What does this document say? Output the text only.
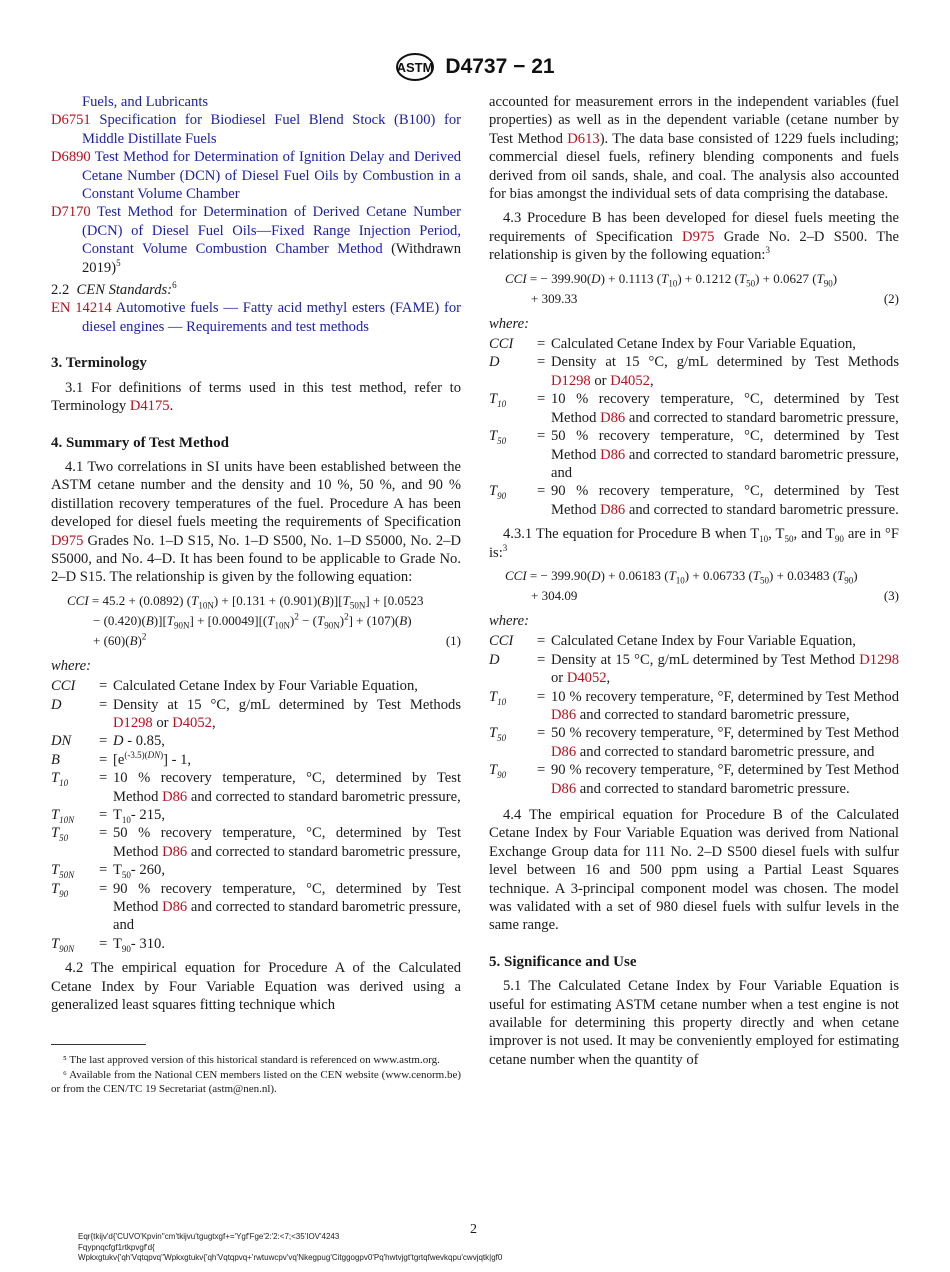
ASTM D4737 − 21

Fuels, and Lubricants

D6751 Specification for Biodiesel Fuel Blend Stock (B100) for Middle Distillate Fuels

D6890 Test Method for Determination of Ignition Delay and Derived Cetane Number (DCN) of Diesel Fuel Oils by Combustion in a Constant Volume Chamber

D7170 Test Method for Determination of Derived Cetane Number (DCN) of Diesel Fuel Oils—Fixed Range Injection Period, Constant Volume Combustion Chamber Method (Withdrawn 2019)$^5$

2.2 CEN Standards:$^6$

EN 14214 Automotive fuels — Fatty acid methyl esters (FAME) for diesel engines — Requirements and test methods

3. Terminology

3.1 For definitions of terms used in this test method, refer to Terminology D4175.

4. Summary of Test Method

4.1 Two correlations in SI units have been established between the ASTM cetane number and the density and 10 %, 50 %, and 90 % distillation recovery temperatures of the fuel. Procedure A has been developed for diesel fuels meeting the requirements of Specification D975 Grades No. 1–D S15, No. 1–D S500, No. 1–D S5000, No. 2–D S5000, and No. 4–D. It has been found to be applicable to Grade No. 2–D S15. The relationship is given by the following equation:

CCI = 45.2 + (0.0892) $(T_{10N}) + [0.131 + (0.901)(B)][T_{50N}] + [0.0523$
− $(0.420)(B)][T_{90N}] + [0.00049][(T_{10N})^2 - (T_{90N})^2] + (107)(B)$
+ $(60)(B)^2$	(1)

where:

CCI	= Calculated Cetane Index by Four Variable Equation,
D	= Density at 15 °C, g/mL determined by Test Methods D1298 or D4052,
DN	= D - 0.85,
B	= $[e^{(-3.5)(DN)}] - 1$,
$T_{10}$	= 10 % recovery temperature, °C, determined by Test Method D86 and corrected to standard barometric pressure,
$T_{10N}$	= $T_{10}-$ 215,
$T_{50}$	= 50 % recovery temperature, °C, determined by Test Method D86 and corrected to standard barometric pressure,
$T_{50N}$	= $T_{50}-$ 260,
$T_{90}$	= 90 % recovery temperature, °C, determined by Test Method D86 and corrected to standard barometric pressure, and
$T_{90N}$	= $T_{90}-$ 310.

4.2 The empirical equation for Procedure A of the Calculated Cetane Index by Four Variable Equation was derived using a generalized least squares fitting technique which

⁵ The last approved version of this historical standard is referenced on www.astm.org.

⁶ Available from the National CEN members listed on the CEN website (www.cenorm.be) or from the CEN/TC 19 Secretariat (astm@nen.nl).

accounted for measurement errors in the independent variables (fuel properties) as well as in the dependent variable (cetane number by Test Method D613). The data base consisted of 1229 fuels including; commercial diesel fuels, refinery blending components and fuels derived from oil sands, shale, and coal. The analysis also accounted for bias amongst the individual sets of data comprising the database.

4.3 Procedure B has been developed for diesel fuels meeting the requirements of Specification D975 Grade No. 2–D S500. The relationship is given by the following equation:$^3$

CCI = − 399.90(D) + 0.1113 $(T_{10}) + 0.1212$ $(T_{50}) + 0.0627$ $(T_{90})$
+ 309.33	(2)

where:

CCI	= Calculated Cetane Index by Four Variable Equation,
D	= Density at 15 °C, g/mL determined by Test Methods D1298 or D4052,
$T_{10}$	= 10 % recovery temperature, °C, determined by Test Method D86 and corrected to standard barometric pressure,
$T_{50}$	= 50 % recovery temperature, °C, determined by Test Method D86 and corrected to standard barometric pressure, and
$T_{90}$	= 90 % recovery temperature, °C, determined by Test Method D86 and corrected to standard barometric pressure.

4.3.1 The equation for Procedure B when $T_{10}$, $T_{50}$, and $T_{90}$ are in °F is:$^3$

CCI = − 399.90(D) + 0.06183 $(T_{10}) + 0.06733$ $(T_{50}) + 0.03483$ $(T_{90})$
+ 304.09	(3)

where:

CCI	= Calculated Cetane Index by Four Variable Equation,
D	= Density at 15 °C, g/mL determined by Test Method D1298 or D4052,
$T_{10}$	= 10 % recovery temperature, °F, determined by Test Method D86 and corrected to standard barometric pressure,
$T_{50}$	= 50 % recovery temperature, °F, determined by Test Method D86 and corrected to standard barometric pressure, and
$T_{90}$	= 90 % recovery temperature, °F, determined by Test Method D86 and corrected to standard barometric pressure.

4.4 The empirical equation for Procedure B of the Calculated Cetane Index by Four Variable Equation was derived from National Exchange Group data for 111 No. 2–D S500 diesel fuels with sulfur level between 16 and 500 ppm using a Partial Least Squares technique. A 3-principal component model was chosen. The model was validated with a set of 980 diesel fuels with sulfur levels in the same range.

5. Significance and Use

5.1 The Calculated Cetane Index by Four Variable Equation is useful for estimating ASTM cetane number when a test engine is not available for determining this property directly and when cetane improver is not used. It may be conveniently employed for estimating cetane number when the quantity of

2
Eqr{tkijv'd{'CUVO'Kpvin''cm'tkijvu'tgugtxgf+='Ygf'Fge'2:'2:<7;<35'IOV'4243
Fqypnqcfgf1rtkpvgf'd{
Wpkxgtukv{'qh'Vqtqpvq''Wpkxgtukv{'qh'Vqtqpvq+'rwtuwcpv'vq'Nkegpug'Citggogpv0'Pq'hwtvjgt'tgrtqfwevkqpu'cwvjqtk|gf0
